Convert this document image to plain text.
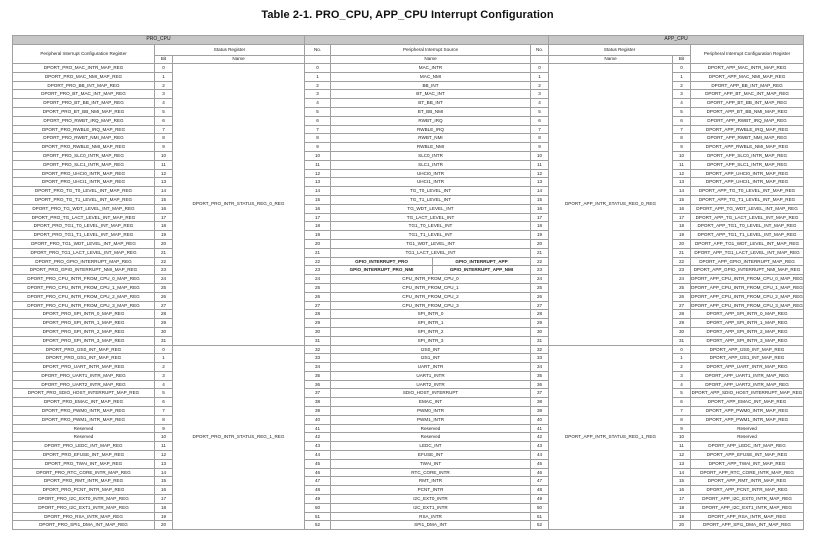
Table 2-1. PRO_CPU, APP_CPU Interrupt Configuration
PRO_CPU							APP_CPU		
Peripheral Interrupt Configuration Register	Status Register		No.	Peripheral Interrupt Source		No.	Status Register		Peripheral Interrupt Configuration Register
	Bit	Name		Name			Name	Bit	
DPORT_PRO_MAC_INTR_MAP_REG	0	DPORT_PRO_INTR_STATUS_REG_0_REG	0	MAC_INTR		0	DPORT_APP_INTR_STATUS_REG_0_REG	0	DPORT_APP_MAC_INTR_MAP_REG
DPORT_PRO_MAC_NMI_MAP_REG	1		1	MAC_NMI		1		1	DPORT_APP_MAC_NMI_MAP_REG
DPORT_PRO_BB_INT_MAP_REG	2		2	BB_INT		2		2	DPORT_APP_BB_INT_MAP_REG
DPORT_PRO_BT_MAC_INT_MAP_REG	3		3	BT_MAC_INT		3		3	DPORT_APP_BT_MAC_INT_MAP_REG
DPORT_PRO_BT_BB_INT_MAP_REG	4		4	BT_BB_INT		4		4	DPORT_APP_BT_BB_INT_MAP_REG
DPORT_PRO_BT_BB_NMI_MAP_REG	5		5	BT_BB_NMI		5		5	DPORT_APP_BT_BB_NMI_MAP_REG
DPORT_PRO_RWBT_IRQ_MAP_REG	6		6	RWBT_IRQ		6		6	DPORT_APP_RWBT_IRQ_MAP_REG
DPORT_PRO_RWBLE_IRQ_MAP_REG	7		7	RWBLE_IRQ		7		7	DPORT_APP_RWBLE_IRQ_MAP_REG
DPORT_PRO_RWBT_NMI_MAP_REG	8		8	RWBT_NMI		8		8	DPORT_APP_RWBT_NMI_MAP_REG
DPORT_PRO_RWBLE_NMI_MAP_REG	9		9	RWBLE_NMI		9		9	DPORT_APP_RWBLE_NMI_MAP_REG
DPORT_PRO_SLC0_INTR_MAP_REG	10		10	SLC0_INTR		10		10	DPORT_APP_SLC0_INTR_MAP_REG
DPORT_PRO_SLC1_INTR_MAP_REG	11		11	SLC1_INTR		11		11	DPORT_APP_SLC1_INTR_MAP_REG
DPORT_PRO_UHCI0_INTR_MAP_REG	12		12	UHCI0_INTR		12		12	DPORT_APP_UHCI0_INTR_MAP_REG
DPORT_PRO_UHCI1_INTR_MAP_REG	13		13	UHCI1_INTR		13		13	DPORT_APP_UHCI1_INTR_MAP_REG
DPORT_PRO_TG_T0_LEVEL_INT_MAP_REG	14		14	TG_T0_LEVEL_INT		14		14	DPORT_APP_TG_T0_LEVEL_INT_MAP_REG
DPORT_PRO_TG_T1_LEVEL_INT_MAP_REG	15		15	TG_T1_LEVEL_INT		15		15	DPORT_APP_TG_T1_LEVEL_INT_MAP_REG
DPORT_PRO_TG_WDT_LEVEL_INT_MAP_REG	16		16	TG_WDT_LEVEL_INT		16		16	DPORT_APP_TG_WDT_LEVEL_INT_MAP_REG
DPORT_PRO_TG_LACT_LEVEL_INT_MAP_REG	17		17	TG_LACT_LEVEL_INT		17		17	DPORT_APP_TG_LACT_LEVEL_INT_MAP_REG
DPORT_PRO_TG1_T0_LEVEL_INT_MAP_REG	18		18	TG1_T0_LEVEL_INT		18		18	DPORT_APP_TG1_T0_LEVEL_INT_MAP_REG
DPORT_PRO_TG1_T1_LEVEL_INT_MAP_REG	19		19	TG1_T1_LEVEL_INT		19		19	DPORT_APP_TG1_T1_LEVEL_INT_MAP_REG
DPORT_PRO_TG1_WDT_LEVEL_INT_MAP_REG	20		20	TG1_WDT_LEVEL_INT		20		20	DPORT_APP_TG1_WDT_LEVEL_INT_MAP_REG
DPORT_PRO_TG1_LACT_LEVEL_INT_MAP_REG	21		21	TG1_LACT_LEVEL_INT		21		21	DPORT_APP_TG1_LACT_LEVEL_INT_MAP_REG
DPORT_PRO_GPIO_INTERRUPT_MAP_REG	22		22	GPIO_INTERRUPT_PRO	GPIO_INTERRUPT_APP	22		22	DPORT_APP_GPIO_INTERRUPT_MAP_REG
DPORT_PRO_GPIO_INTERRUPT_NMI_MAP_REG	23		23	GPIO_INTERRUPT_PRO_NMI	GPIO_INTERRUPT_APP_NMI	23		23	DPORT_APP_GPIO_INTERRUPT_NMI_MAP_REG
DPORT_PRO_CPU_INTR_FROM_CPU_0_MAP_REG	24		24	CPU_INTR_FROM_CPU_0		24		24	DPORT_APP_CPU_INTR_FROM_CPU_0_MAP_REG
DPORT_PRO_CPU_INTR_FROM_CPU_1_MAP_REG	25		25	CPU_INTR_FROM_CPU_1		25		25	DPORT_APP_CPU_INTR_FROM_CPU_1_MAP_REG
DPORT_PRO_CPU_INTR_FROM_CPU_2_MAP_REG	26		26	CPU_INTR_FROM_CPU_2		26		26	DPORT_APP_CPU_INTR_FROM_CPU_2_MAP_REG
DPORT_PRO_CPU_INTR_FROM_CPU_3_MAP_REG	27		27	CPU_INTR_FROM_CPU_3		27		27	DPORT_APP_CPU_INTR_FROM_CPU_3_MAP_REG
DPORT_PRO_SPI_INTR_0_MAP_REG	28		28	SPI_INTR_0		28		28	DPORT_APP_SPI_INTR_0_MAP_REG
DPORT_PRO_SPI_INTR_1_MAP_REG	29		29	SPI_INTR_1		29		29	DPORT_APP_SPI_INTR_1_MAP_REG
DPORT_PRO_SPI_INTR_2_MAP_REG	30		30	SPI_INTR_2		30		30	DPORT_APP_SPI_INTR_2_MAP_REG
DPORT_PRO_SPI_INTR_3_MAP_REG	31		31	SPI_INTR_3		31		31	DPORT_APP_SPI_INTR_3_MAP_REG
DPORT_PRO_I2S0_INT_MAP_REG	0	DPORT_PRO_INTR_STATUS_REG_1_REG	32	I2S0_INT		32	DPORT_APP_INTR_STATUS_REG_1_REG	0	DPORT_APP_I2S0_INT_MAP_REG
DPORT_PRO_I2S1_INT_MAP_REG	1		33	I2S1_INT		33		1	DPORT_APP_I2S1_INT_MAP_REG
DPORT_PRO_UART_INTR_MAP_REG	2		34	UART_INTR		34		2	DPORT_APP_UART_INTR_MAP_REG
DPORT_PRO_UART1_INTR_MAP_REG	3		35	UART1_INTR		35		3	DPORT_APP_UART1_INTR_MAP_REG
DPORT_PRO_UART2_INTR_MAP_REG	4		36	UART2_INTR		36		4	DPORT_APP_UART2_INTR_MAP_REG
DPORT_PRO_SDIO_HOST_INTERRUPT_MAP_REG	5		37	SDIO_HOST_INTERRUPT		37		5	DPORT_APP_SDIO_HOST_INTERRUPT_MAP_REG
DPORT_PRO_EMAC_INT_MAP_REG	6		38	EMAC_INT		38		6	DPORT_APP_EMAC_INT_MAP_REG
DPORT_PRO_PWM0_INTR_MAP_REG	7		39	PWM0_INTR		39		7	DPORT_APP_PWM0_INTR_MAP_REG
DPORT_PRO_PWM1_INTR_MAP_REG	8		40	PWM1_INTR		40		8	DPORT_APP_PWM1_INTR_MAP_REG
Reserved	9		41	Reserved		41		9	Reserved
Reserved	10		42	Reserved		42		10	Reserved
DPORT_PRO_LEDC_INT_MAP_REG	11		43	LEDC_INT		43		11	DPORT_APP_LEDC_INT_MAP_REG
DPORT_PRO_EFUSE_INT_MAP_REG	12		44	EFUSE_INT		44		12	DPORT_APP_EFUSE_INT_MAP_REG
DPORT_PRO_TWAI_INT_MAP_REG	13		45	TWAI_INT		45		13	DPORT_APP_TWAI_INT_MAP_REG
DPORT_PRO_RTC_CORE_INTR_MAP_REG	14		46	RTC_CORE_INTR		46		14	DPORT_APP_RTC_CORE_INTR_MAP_REG
DPORT_PRO_RMT_INTR_MAP_REG	15		47	RMT_INTR		47		15	DPORT_APP_RMT_INTR_MAP_REG
DPORT_PRO_PCNT_INTR_MAP_REG	16		48	PCNT_INTR		48		16	DPORT_APP_PCNT_INTR_MAP_REG
DPORT_PRO_I2C_EXT0_INTR_MAP_REG	17		49	I2C_EXT0_INTR		49		17	DPORT_APP_I2C_EXT0_INTR_MAP_REG
DPORT_PRO_I2C_EXT1_INTR_MAP_REG	18		50	I2C_EXT1_INTR		50		18	DPORT_APP_I2C_EXT1_INTR_MAP_REG
DPORT_PRO_RSA_INTR_MAP_REG	19		51	RSA_INTR		51		19	DPORT_APP_RSA_INTR_MAP_REG
DPORT_PRO_SPI1_DMA_INT_MAP_REG	20		52	SPI1_DMA_INT		52		20	DPORT_APP_SPI1_DMA_INT_MAP_REG
